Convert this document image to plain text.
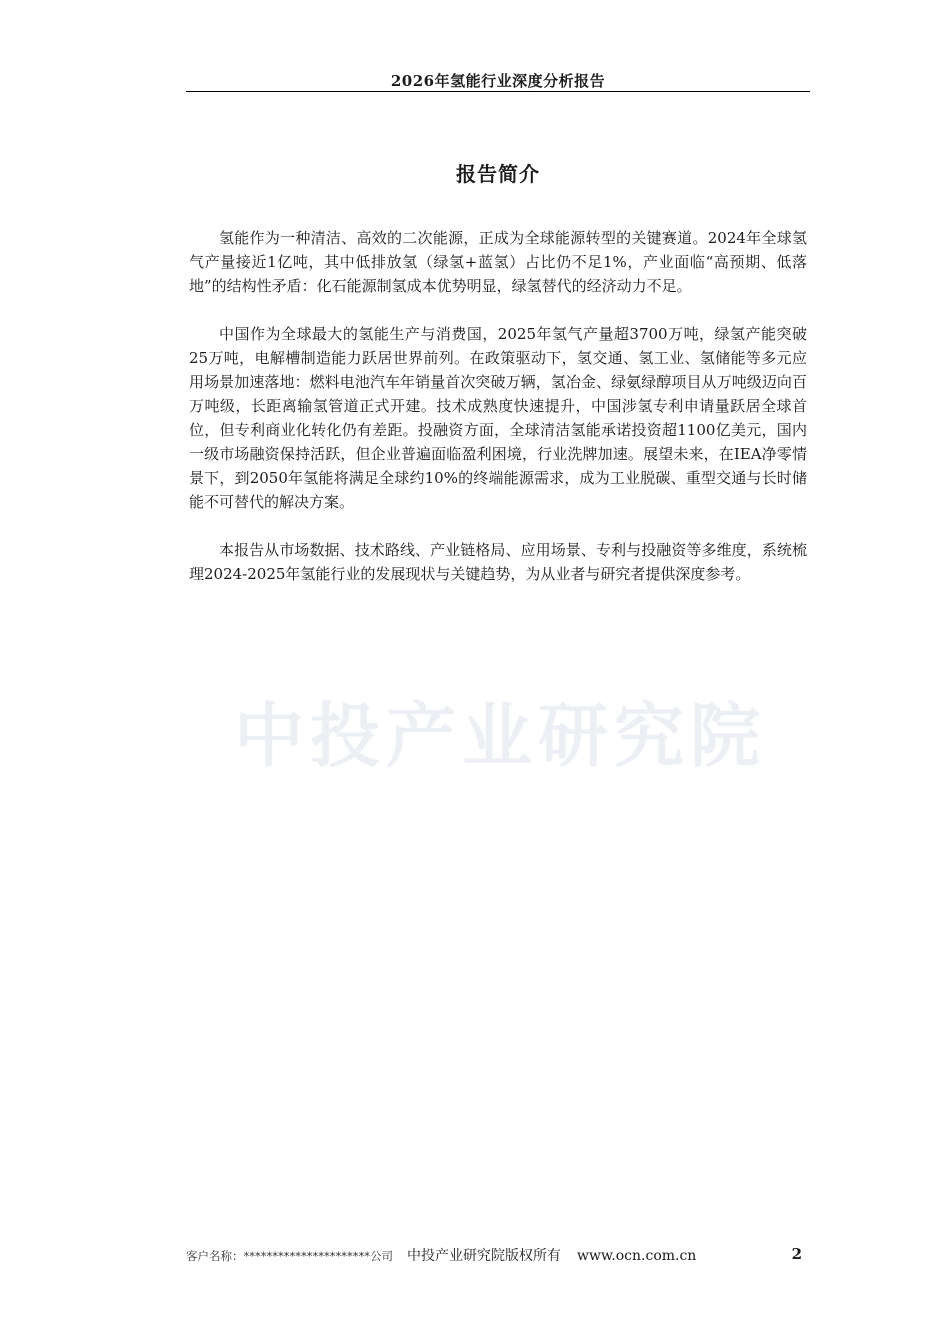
2026年氢能行业深度分析报告
报告简介
中投产业研究院

氢能作为一种清洁、高效的二次能源，正成为全球能源转型的关键赛道。2024年全球氢气产量接近1亿吨，其中低排放氢（绿氢+蓝氢）占比仍不足1%，产业面临“高预期、低落地”的结构性矛盾：化石能源制氢成本优势明显，绿氢替代的经济动力不足。

中国作为全球最大的氢能生产与消费国，2025年氢气产量超3700万吨，绿氢产能突破25万吨，电解槽制造能力跃居世界前列。在政策驱动下，氢交通、氢工业、氢储能等多元应用场景加速落地：燃料电池汽车年销量首次突破万辆，氢冶金、绿氨绿醇项目从万吨级迈向百万吨级，长距离输氢管道正式开建。技术成熟度快速提升，中国涉氢专利申请量跃居全球首位，但专利商业化转化仍有差距。投融资方面，全球清洁氢能承诺投资超1100亿美元，国内一级市场融资保持活跃，但企业普遍面临盈利困境，行业洗牌加速。展望未来，在IEA净零情景下，到2050年氢能将满足全球约10%的终端能源需求，成为工业脱碳、重型交通与长时储能不可替代的解决方案。

本报告从市场数据、技术路线、产业链格局、应用场景、专利与投融资等多维度，系统梳理2024-2025年氢能行业的发展现状与关键趋势，为从业者与研究者提供深度参考。

客户名称：**********************公司 中投产业研究院版权所有 www.ocn.com.cn	2
